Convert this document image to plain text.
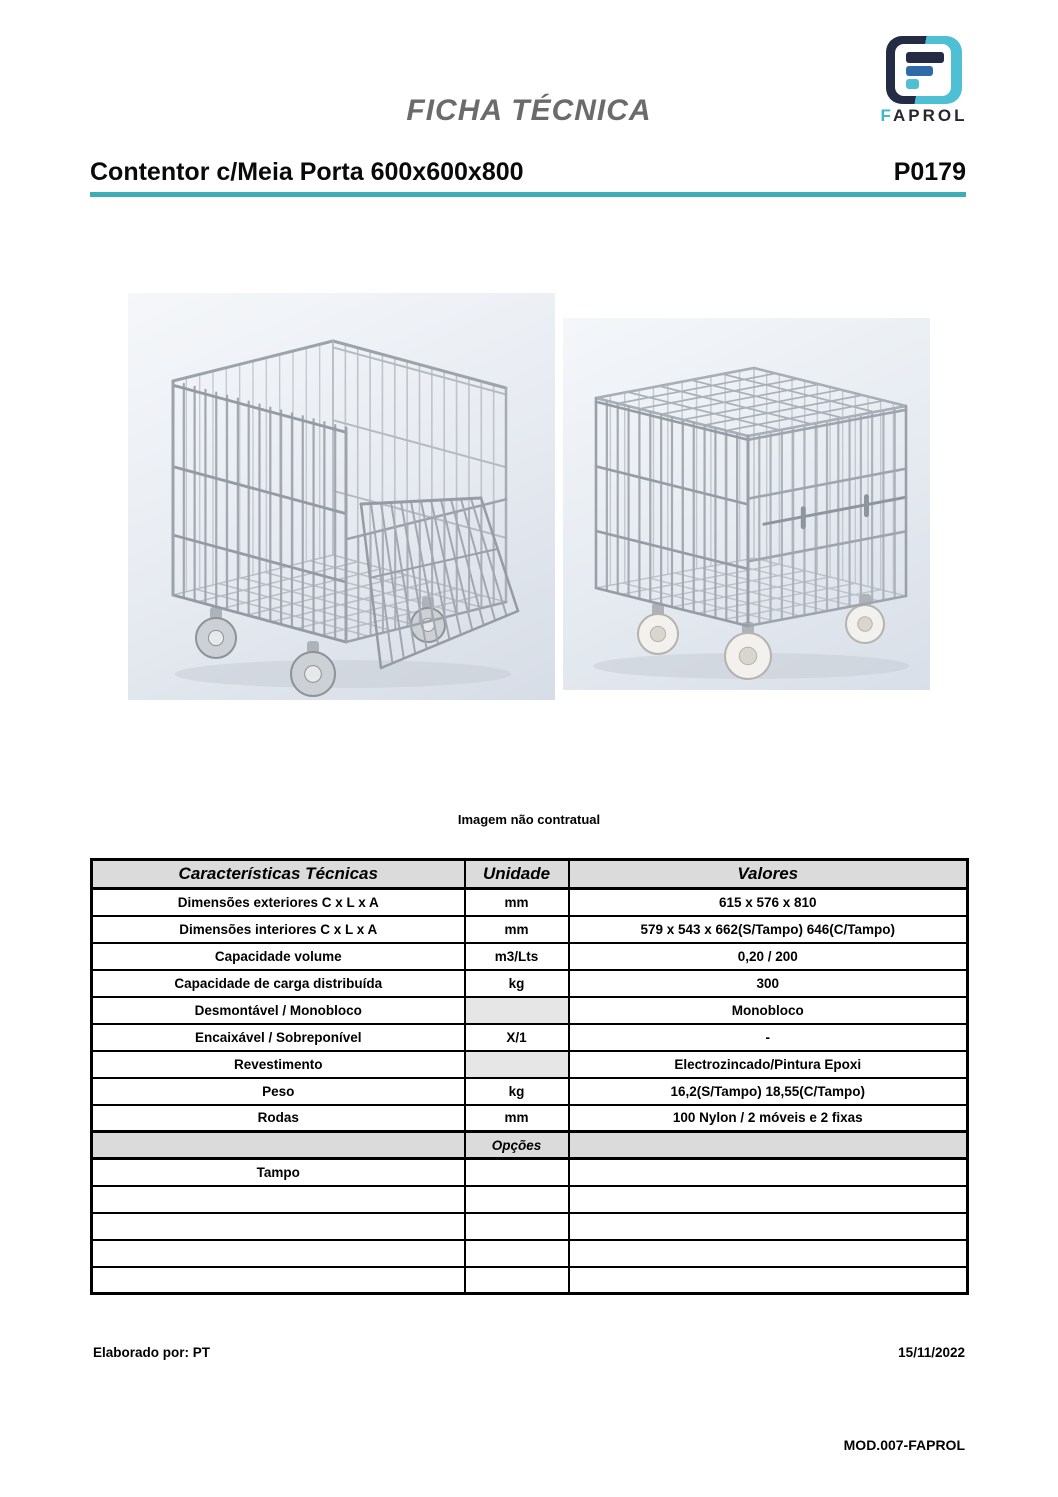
FAPROL
FICHA TÉCNICA
Contentor c/Meia Porta 600x600x800	P0179
Imagem não contratual
Características Técnicas	Unidade	Valores
Dimensões exteriores C x L x A	mm	615 x 576 x 810
Dimensões interiores C x L x A	mm	579 x 543 x 662(S/Tampo) 646(C/Tampo)
Capacidade volume	m3/Lts	0,20 / 200
Capacidade de carga distribuída	kg	300
Desmontável / Monobloco		Monobloco
Encaixável / Sobreponível	X/1	-
Revestimento		Electrozincado/Pintura Epoxi
Peso	kg	16,2(S/Tampo) 18,55(C/Tampo)
Rodas	mm	100 Nylon / 2 móveis e 2 fixas
	Opções	
Tampo		

Elaborado por: PT	15/11/2022
MOD.007-FAPROL
